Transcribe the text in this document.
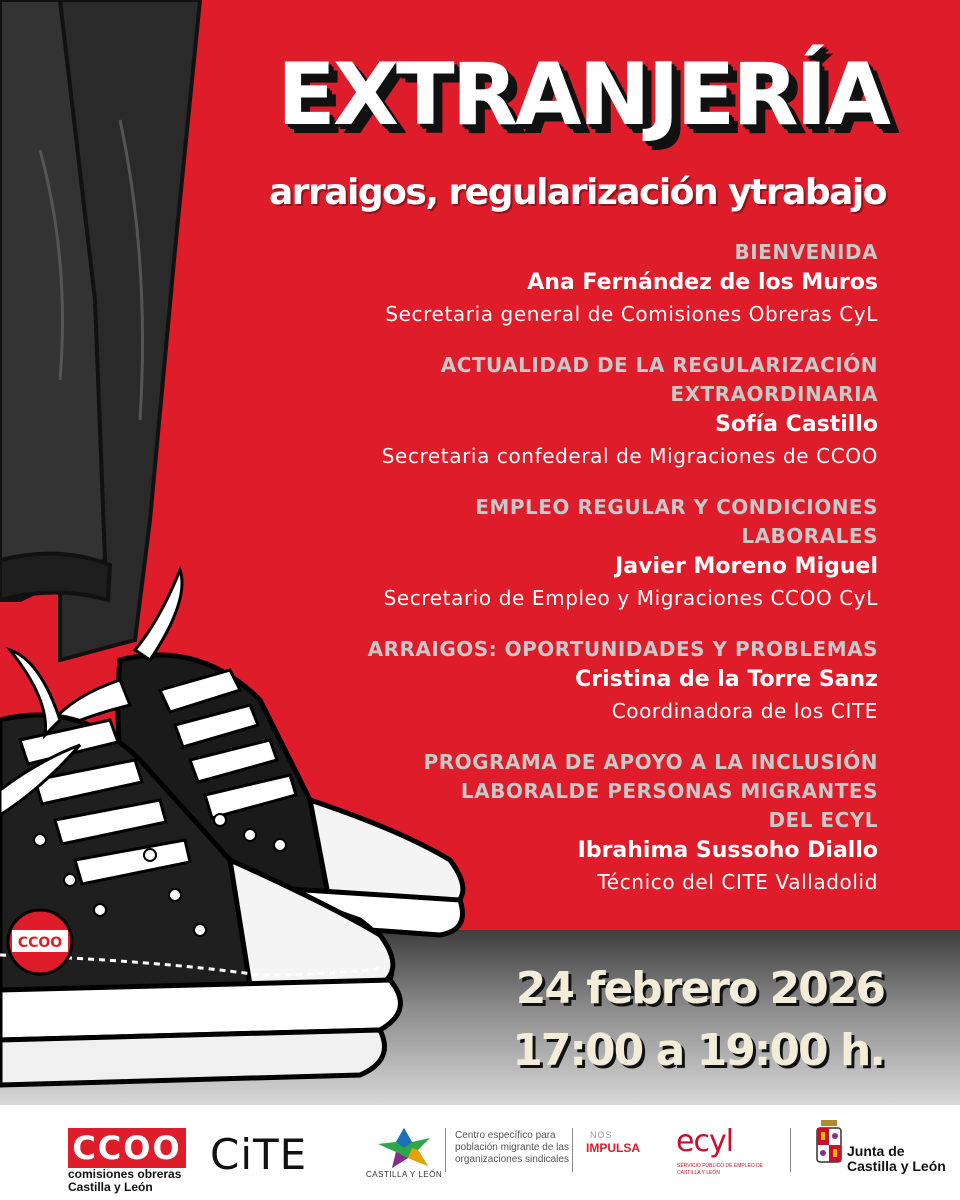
CCOO
EXTRANJERÍA
arraigos, regularización ytrabajo
BIENVENIDA
Ana Fernández de los Muros
Secretaria general de Comisiones Obreras CyL
ACTUALIDAD DE LA REGULARIZACIÓN
EXTRAORDINARIA
Sofía Castillo
Secretaria confederal de Migraciones de CCOO
EMPLEO REGULAR Y CONDICIONES
LABORALES
Javier Moreno Miguel
Secretario de Empleo y Migraciones CCOO CyL
ARRAIGOS: OPORTUNIDADES Y PROBLEMAS
Cristina de la Torre Sanz
Coordinadora de los CITE
PROGRAMA DE APOYO A LA INCLUSIÓN
LABORALDE PERSONAS MIGRANTES
DEL ECYL
Ibrahima Sussoho Diallo
Técnico del CITE Valladolid
24 febrero 2026
17:00 a 19:00 h.
CCOO
comisiones obreras
Castilla y León
CiTE	CASTILLA Y LEÓN
Centro específico para población migrante de las organizaciones sindicales
NOS
IMPULSA ecyl
SERVICIO PÚBLICO DE EMPLEO DE CASTILLA Y LEÓN
Junta de
Castilla y León
